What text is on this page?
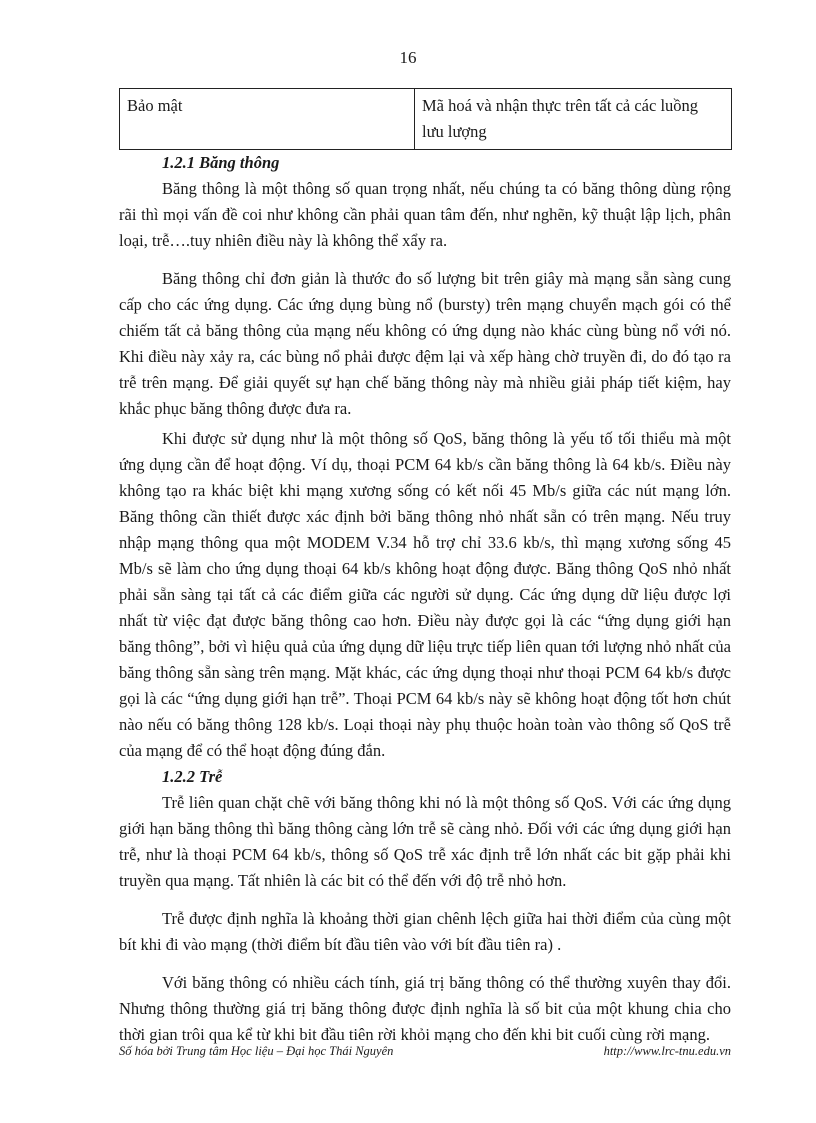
16
Bảo mật	Mã hoá và nhận thực trên tất cả các luồng lưu lượng
1.2.1 Băng thông

Băng thông là một thông số quan trọng nhất, nếu chúng ta có băng thông dùng rộng rãi thì mọi vấn đề coi như không cần phải quan tâm đến, như nghẽn, kỹ thuật lập lịch, phân loại, trễ….tuy nhiên điều này là không thể xẩy ra.

Băng thông chỉ đơn giản là thước đo số lượng bit trên giây mà mạng sẵn sàng cung cấp cho các ứng dụng. Các ứng dụng bùng nổ (bursty) trên mạng chuyển mạch gói có thể chiếm tất cả băng thông của mạng nếu không có ứng dụng nào khác cùng bùng nổ với nó. Khi điều này xảy ra, các bùng nổ phải được đệm lại và xếp hàng chờ truyền đi, do đó tạo ra trễ trên mạng. Để giải quyết sự hạn chế băng thông này mà nhiều giải pháp tiết kiệm, hay khắc phục băng thông được đưa ra.

Khi được sử dụng như là một thông số QoS, băng thông là yếu tố tối thiểu mà một ứng dụng cần để hoạt động. Ví dụ, thoại PCM 64 kb/s cần băng thông là 64 kb/s. Điều này không tạo ra khác biệt khi mạng xương sống có kết nối 45 Mb/s giữa các nút mạng lớn. Băng thông cần thiết được xác định bởi băng thông nhỏ nhất sẵn có trên mạng. Nếu truy nhập mạng thông qua một MODEM V.34 hỗ trợ chỉ 33.6 kb/s, thì mạng xương sống 45 Mb/s sẽ làm cho ứng dụng thoại 64 kb/s không hoạt động được. Băng thông QoS nhỏ nhất phải sẵn sàng tại tất cả các điểm giữa các người sử dụng. Các ứng dụng dữ liệu được lợi nhất từ việc đạt được băng thông cao hơn. Điều này được gọi là các “ứng dụng giới hạn băng thông”, bởi vì hiệu quả của ứng dụng dữ liệu trực tiếp liên quan tới lượng nhỏ nhất của băng thông sẵn sàng trên mạng. Mặt khác, các ứng dụng thoại như thoại PCM 64 kb/s được gọi là các “ứng dụng giới hạn trễ”. Thoại PCM 64 kb/s này sẽ không hoạt động tốt hơn chút nào nếu có băng thông 128 kb/s. Loại thoại này phụ thuộc hoàn toàn vào thông số QoS trễ của mạng để có thể hoạt động đúng đắn.

1.2.2 Trễ

Trễ liên quan chặt chẽ với băng thông khi nó là một thông số QoS. Với các ứng dụng giới hạn băng thông thì băng thông càng lớn trễ sẽ càng nhỏ. Đối với các ứng dụng giới hạn trễ, như là thoại PCM 64 kb/s, thông số QoS trễ xác định trễ lớn nhất các bit gặp phải khi truyền qua mạng. Tất nhiên là các bit có thể đến với độ trễ nhỏ hơn.

Trễ được định nghĩa là khoảng thời gian chênh lệch giữa hai thời điểm của cùng một bít khi đi vào mạng (thời điểm bít đầu tiên vào với bít đầu tiên ra) .

Với băng thông có nhiều cách tính, giá trị băng thông có thể thường xuyên thay đổi. Nhưng thông thường giá trị băng thông được định nghĩa là số bit của một khung chia cho thời gian trôi qua kể từ khi bit đầu tiên rời khỏi mạng cho đến khi bit cuối cùng rời mạng.

Số hóa bởi Trung tâm Học liệu – Đại học Thái Nguyên	http://www.lrc-tnu.edu.vn
